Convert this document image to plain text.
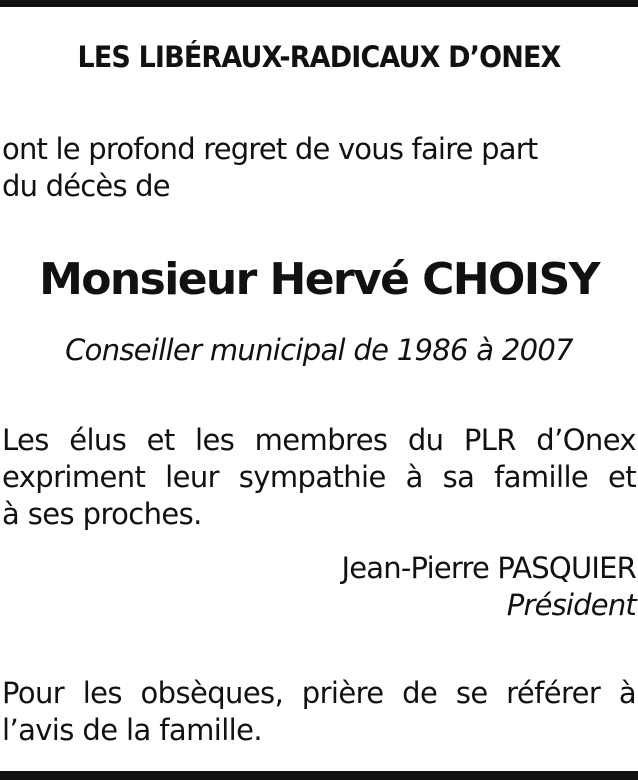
LES LIBÉRAUX-RADICAUX D’ONEX
ont le profond regret de vous faire part
du décès de
Monsieur Hervé CHOISY
Conseiller municipal de 1986 à 2007
Les élus et les membres du PLR d’Onex
expriment leur sympathie à sa famille et
à ses proches.
Jean-Pierre PASQUIER
Président
Pour les obsèques, prière de se référer à
l’avis de la famille.
